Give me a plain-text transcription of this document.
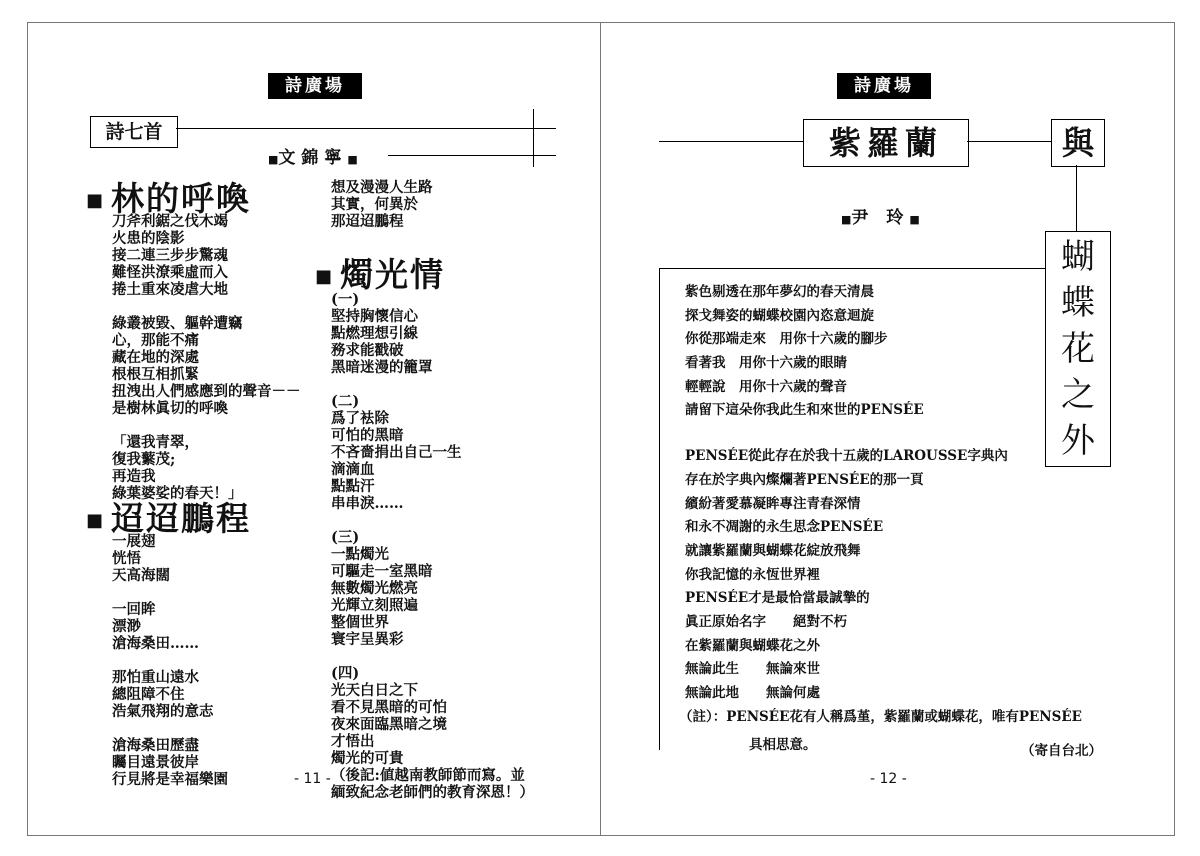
詩廣場
詩七首
■文錦寧■
■ 林的呼喚
刀斧利鋸之伐木竭
火患的陰影
接二連三步步驚魂
難怪洪潦乘虛而入
捲土重來凌虐大地
綠叢被毀、軀幹遭竊
心，那能不痛
藏在地的深處
根根互相抓緊
扭洩出人們感應到的聲音－－
是樹林眞切的呼喚
「還我青翠，
復我蘩茂;
再造我
綠葉婆娑的春天！」
■ 迢迢鵬程
一展翅
恍悟
天高海闊
一回眸
漂渺
滄海桑田……
那怕重山遠水
總阻障不住
浩氣飛翔的意志
滄海桑田歷盡
矚目遠景彼岸
行見將是幸福樂園
想及漫漫人生路
其實，何異於
那迢迢鵬程
■ 燭光情
(一)
堅持胸懷信心
點燃理想引線
務求能戳破
黑暗迷漫的籠罩
(二)
爲了袪除
可怕的黑暗
不吝嗇捐出自己一生
滴滴血
點點汗
串串淚……
(三)
一點燭光
可驅走一室黑暗
無數燭光燃亮
光輝立刻照遍
整個世界
寰宇呈異彩
(四)
光天白日之下
看不見黑暗的可怕
夜來面臨黑暗之境
才悟出
燭光的可貴
（後記:値越南教師節而寫。並
緬致紀念老師們的教育深恩！）
- 11 -
詩廣場
紫羅蘭	與
■尹 玲■
蝴
蝶
花
之
外
紫色剔透在那年夢幻的春天清晨
探戈舞姿的蝴蝶校園內恣意迴旋
你從那端走來　用你十六歲的腳步
看著我　用你十六歲的眼睛
輕輕說　用你十六歲的聲音
請留下這朵你我此生和來世的PENSÉE
PENSÉE從此存在於我十五歲的LAROUSSE字典內
存在於字典內燦爛著PENSÉE的那一頁
繽紛著愛慕凝眸專注青春深情
和永不凋謝的永生思念PENSÉE
就讓紫羅蘭與蝴蝶花綻放飛舞
你我記憶的永恆世界裡
PENSÉE才是最恰當最誠摯的
眞正原始名字　　絕對不朽
在紫羅蘭與蝴蝶花之外
無論此生　　無論來世
無論此地　　無論何處
（註）：PENSÉE花有人稱爲堇，紫羅蘭或蝴蝶花，唯有PENSÉE
具相思意。	（寄自台北）
- 12 -
